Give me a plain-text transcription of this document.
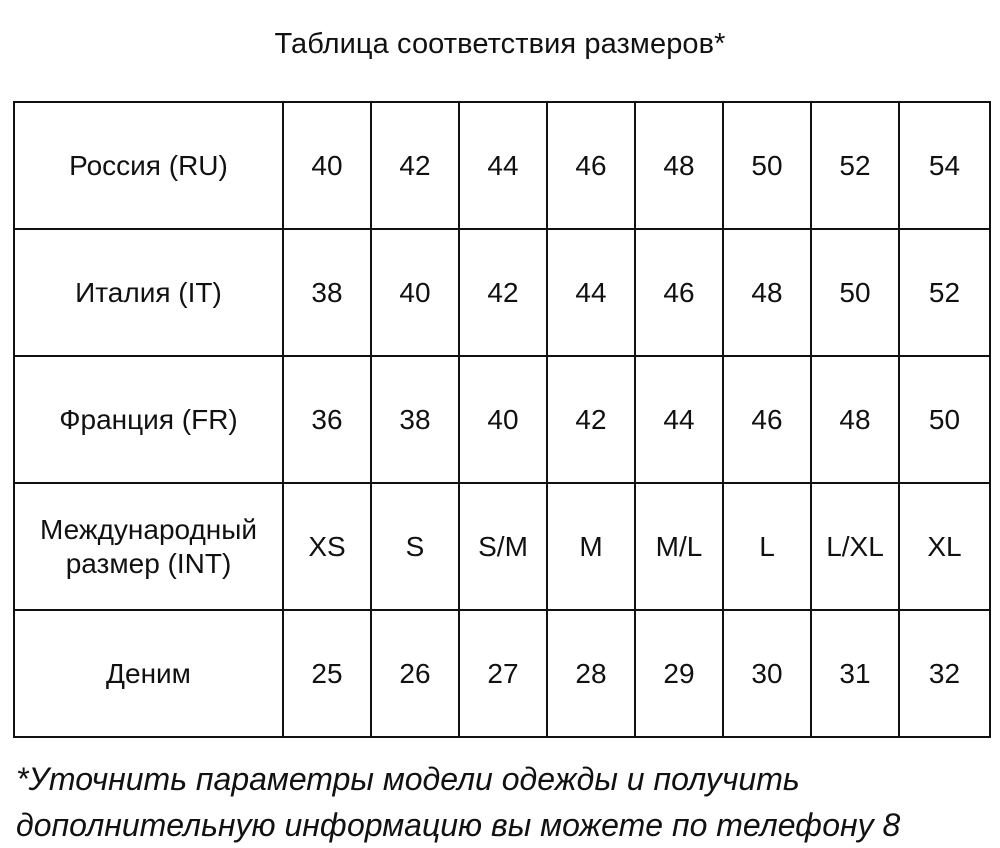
Таблица соответствия размеров*
Россия (RU)	40	42	44	46	48	50	52	54
Италия (IT)	38	40	42	44	46	48	50	52
Франция (FR)	36	38	40	42	44	46	48	50
Международный
размер (INT)	XS	S	S/M	M	M/L	L	L/XL	XL
Деним	25	26	27	28	29	30	31	32
*Уточнить параметры модели одежды и получить
дополнительную информацию вы можете по телефону 8
